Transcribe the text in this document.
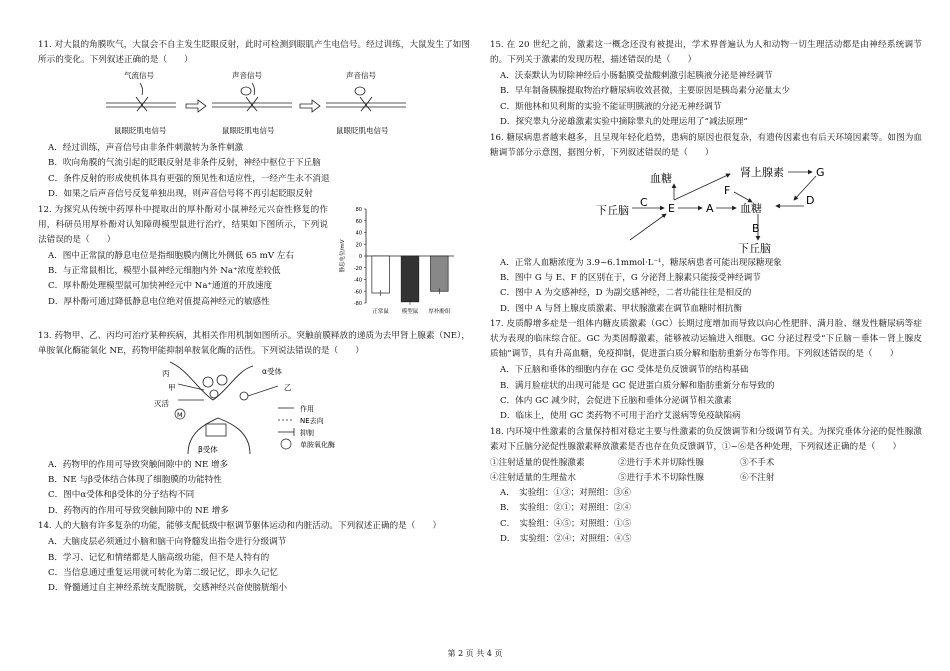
11. 对大鼠的角膜吹气，大鼠会不自主发生眨眼反射，此时可检测到眼肌产生电信号。经过训练，大鼠发生了如图所示的变化。下列叙述正确的是（　　）
气流信号
鼠眼眨肌电信号
声音信号
鼠眼眨肌电信号
声音信号
鼠眼眨肌电信号
A．经过训练，声音信号由非条件刺激转为条件刺激
B．吹向角膜的气流引起的眨眼反射是非条件反射，神经中枢位于下丘脑
C．条件反射的形成使机体具有更强的预见性和适应性，一经产生永不消退
D．如果之后声音信号反复单独出现，则声音信号将不再引起眨眼反射
12. 为探究从传统中药厚朴中提取出的厚朴酚对小鼠神经元兴奋性修复的作用，科研员用厚朴酚对认知障碍模型鼠进行治疗，结果如下图所示，下列说法错误的是（　　）
A．图中正常鼠的静息电位是指细胞膜内侧比外侧低 65 mV 左右
B．与正常鼠相比，模型小鼠神经元细胞内外 Na⁺浓度差较低
C．厚朴酚处理模型鼠可加快神经元中 Na⁺通道的开放速度
D．厚朴酚可通过降低静息电位绝对值提高神经元的敏感性
80
60
40
20
0
-20
-40
-60
-80
静息电位/mV
正常鼠 模型鼠 厚朴酚组
13. 药物甲、乙、丙均可治疗某种疾病，其相关作用机制如图所示。突触前膜释放的递质为去甲肾上腺素（NE），单胺氧化酶能氧化 NE，药物甲能抑制单胺氧化酶的活性。下列说法错误的是（　　）
丙
甲
灭活
M
α受体
乙
β受体
作用
NE去向
抑制
单胺氧化酶
A．药物甲的作用可导致突触间隙中的 NE 增多
B．NE 与β受体结合体现了细胞膜的功能特性
C．图中α受体和β受体的分子结构不同
D．药物丙的作用可导致突触间隙中的 NE 增多
14. 人的大脑有许多复杂的功能，能够支配低级中枢调节躯体运动和内脏活动。下列叙述正确的是（　　）
A．大脑皮层必须通过小脑和脑干向脊髓发出指令进行分级调节
B．学习、记忆和情绪都是人脑高级功能，但不是人特有的
C．当信息通过重复运用就可转化为第二级记忆，即永久记忆
D．脊髓通过自主神经系统支配膀胱，交感神经兴奋使膀胱缩小
15. 在 20 世纪之前，激素这一概念还没有被提出，学术界普遍认为人和动物一切生理活动都是由神经系统调节的。下列关于激素的发现历程，描述错误的是（　　）
A．沃泰默认为切除神经后小肠黏膜受盐酸刺激引起胰液分泌是神经调节
B．早年制备胰腺提取物治疗糖尿病收效甚微，主要原因是胰岛素分泌量太少
C．斯他林和贝利斯的实验不能证明胰液的分泌无神经调节
D．探究睾丸分泌雄激素实验中摘除睾丸的处理运用了“减法原理”
16. 糖尿病患者越来越多，且呈现年轻化趋势，患病的原因也很复杂，有遗传因素也有后天环境因素等。如图为血糖调节部分示意图，据图分析，下列叙述错误的是（　　）
血糖	肾上腺素	G
F
D
下丘脑
C E	A 血糖
B
下丘脑
A．正常人血糖浓度为 3.9~6.1mmol·L⁻¹，糖尿病患者可能出现尿糖现象
B．图中 G 与 E、F 的区别在于，G 分泌肾上腺素只能接受神经调节
C．图中 A 为交感神经，D 为副交感神经，二者功能往往是相反的
D．图中 A 与肾上腺皮质激素、甲状腺激素在调节血糖时相抗衡
17. 皮质醇增多症是一组体内糖皮质激素（GC）长期过度增加而导致以向心性肥胖、满月脸、继发性糖尿病等症状为表现的临床综合征。GC 为类固醇激素，能够被动运输进入细胞。GC 分泌过程受“下丘脑－垂体－肾上腺皮质轴”调节，具有升高血糖，免疫抑制，促进蛋白质分解和脂肪重新分布等作用。下列叙述错误的是（　　）
A．下丘脑和垂体的细胞内存在 GC 受体是负反馈调节的结构基础
B．满月脸症状的出现可能是 GC 促进蛋白质分解和脂肪重新分布导致的
C．体内 GC 减少时，会促进下丘脑和垂体分泌调节相关激素
D．临床上，使用 GC 类药物不可用于治疗艾滋病等免疫缺陷病
18. 内环境中性激素的含量保持相对稳定主要与性激素的负反馈调节和分级调节有关。为探究垂体分泌的促性腺激素对下丘脑分泌促性腺激素释放激素是否也存在负反馈调节，①~⑥是各种处理，下列叙述正确的是（　　）
①注射适量的促性腺激素	②进行手术并切除性腺	③不手术
④注射适量的生理盐水	⑤进行手术不切除性腺	⑥不注射
A．　实验组：①③；对照组：③⑥
B．　实验组：②①；对照组：②④
C．　实验组：④⑤；对照组：①⑤
D．　实验组：②④；对照组：④⑤
第 2 页 共 4 页
